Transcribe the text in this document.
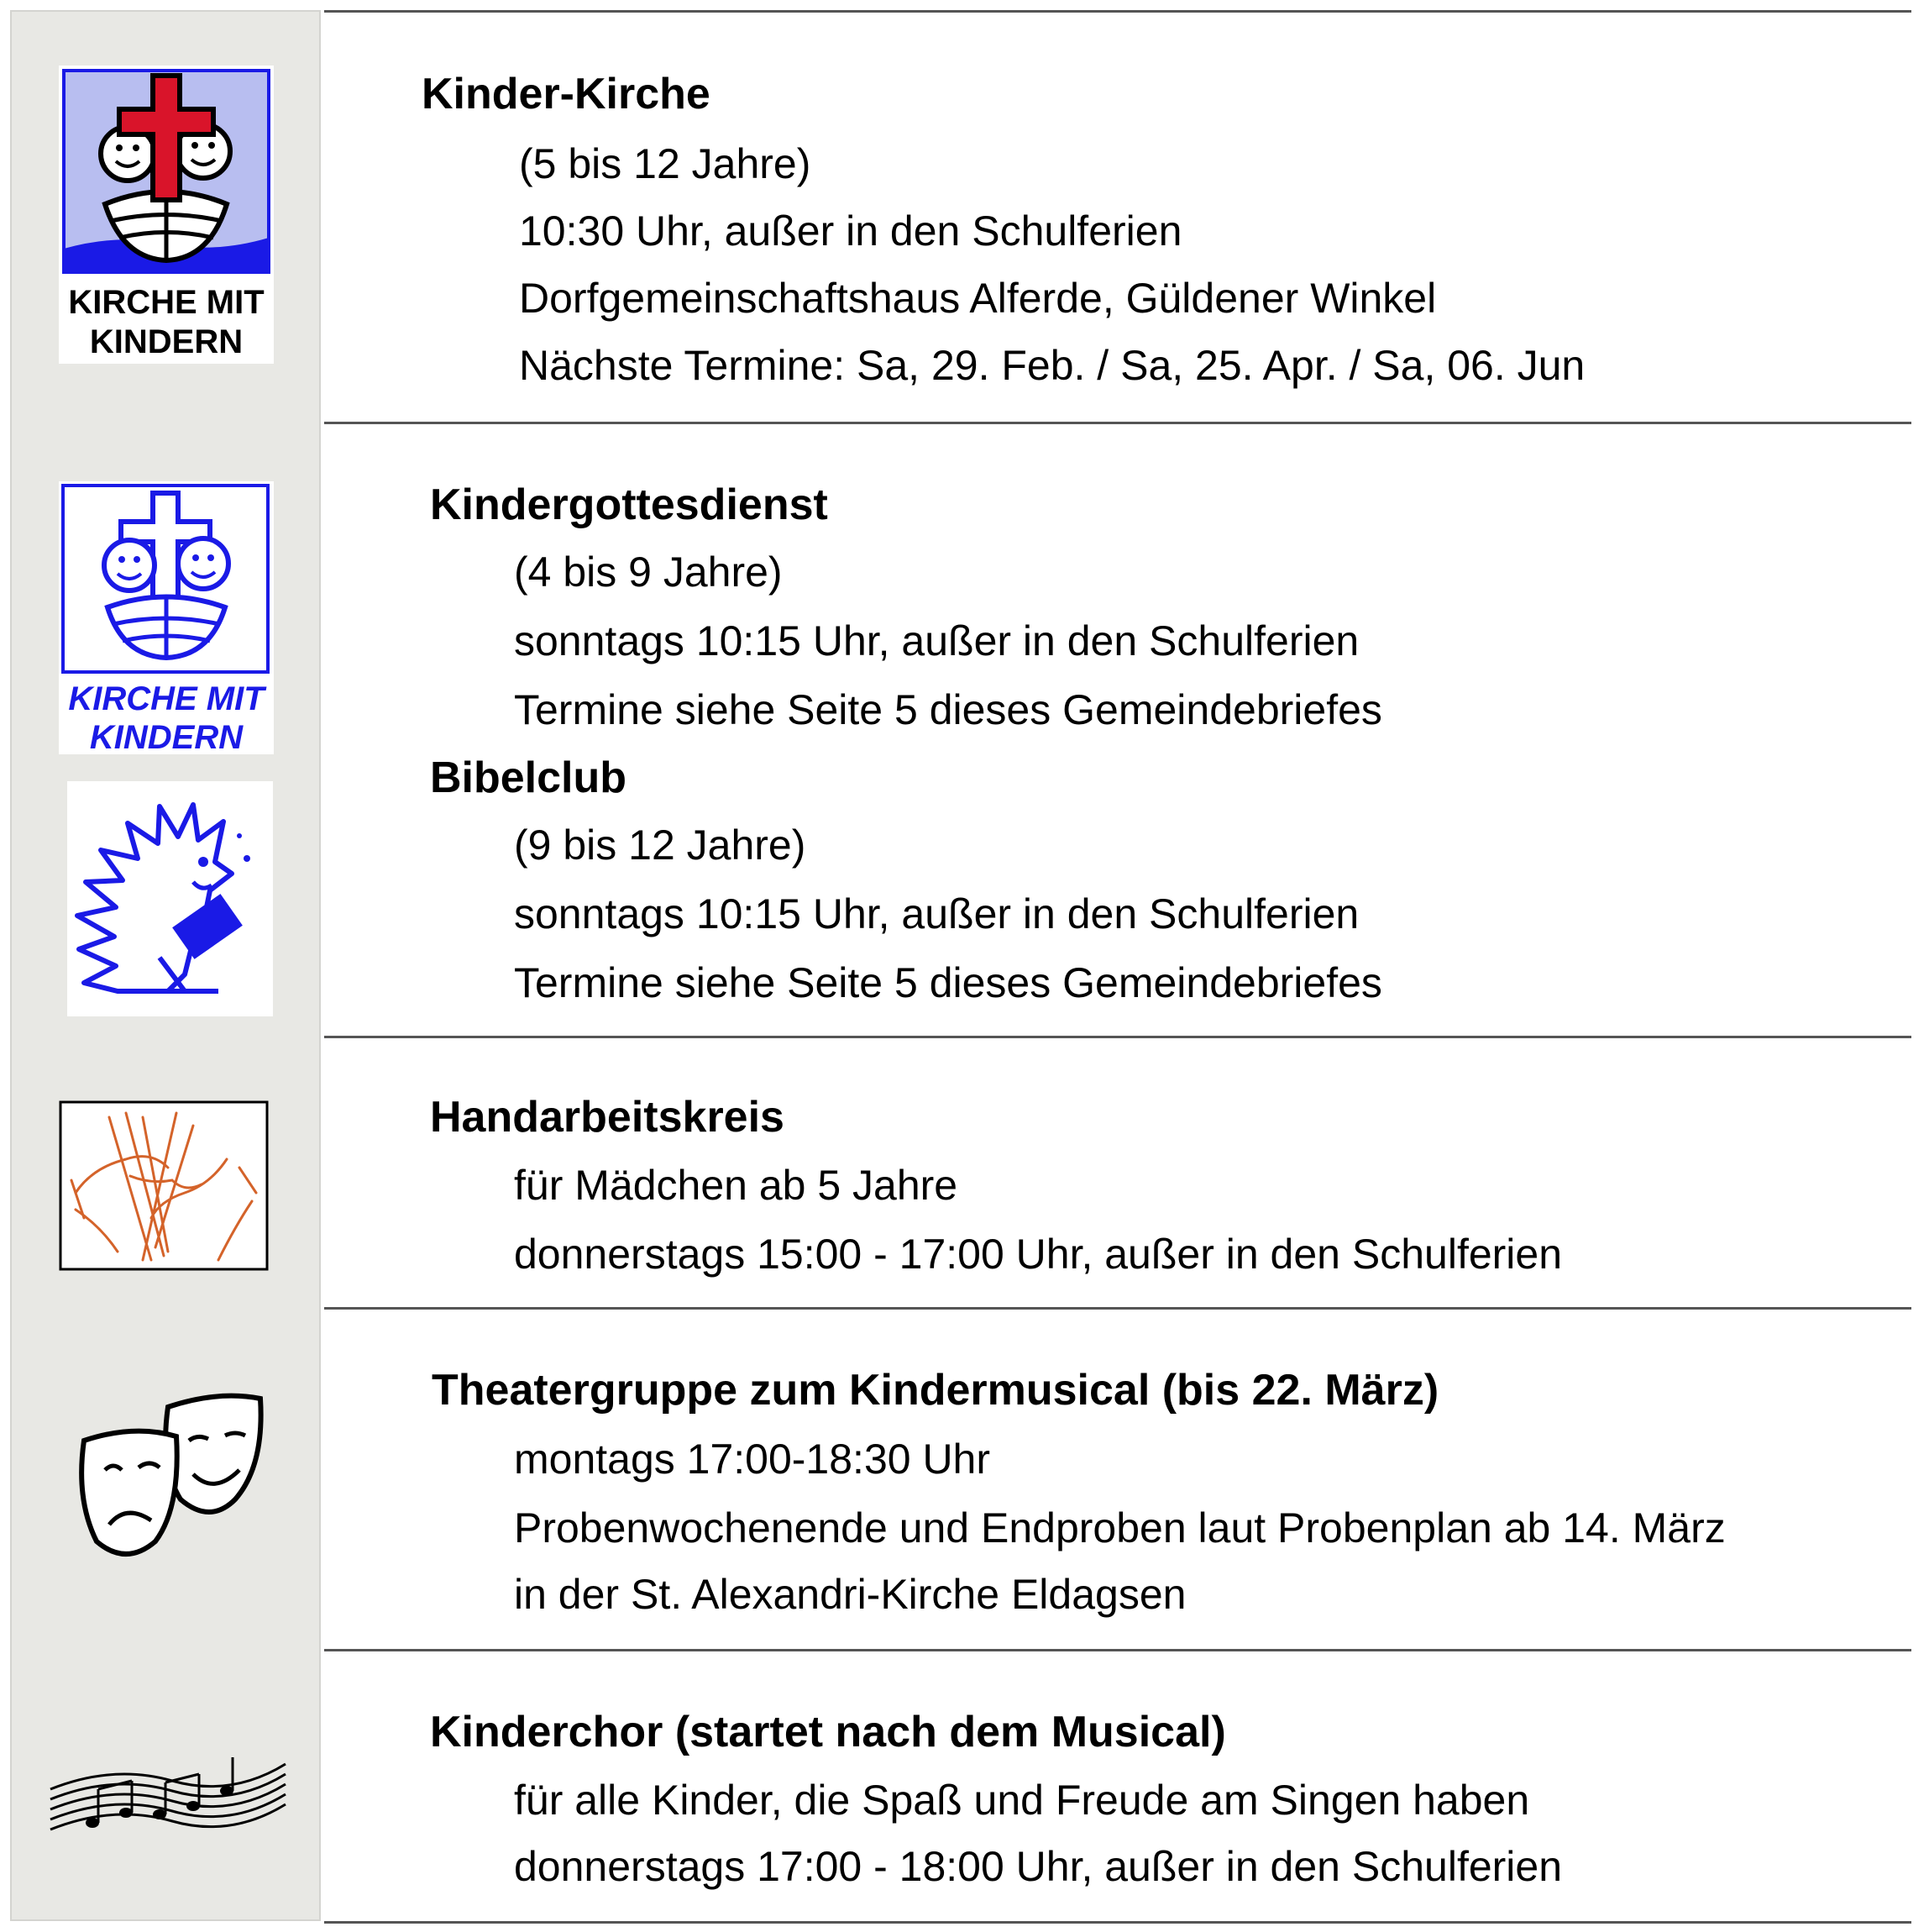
KIRCHE MIT
KINDERN
KIRCHE MIT
KINDERN
Kinder-Kirche
(5 bis 12 Jahre)
10:30 Uhr, außer in den Schulferien
Dorfgemeinschaftshaus Alferde, Güldener Winkel
Nächste Termine: Sa, 29. Feb. / Sa, 25. Apr. / Sa, 06. Jun
Kindergottesdienst
(4 bis 9 Jahre)
sonntags 10:15 Uhr, außer in den Schulferien
Termine siehe Seite 5 dieses Gemeindebriefes
Bibelclub
(9 bis 12 Jahre)
sonntags 10:15 Uhr, außer in den Schulferien
Termine siehe Seite 5 dieses Gemeindebriefes
Handarbeitskreis
für Mädchen ab 5 Jahre
donnerstags 15:00 - 17:00 Uhr, außer in den Schulferien
Theatergruppe zum Kindermusical (bis 22. März)
montags 17:00-18:30 Uhr
Probenwochenende und Endproben laut Probenplan ab 14. März
in der St. Alexandri-Kirche Eldagsen
Kinderchor (startet nach dem Musical)
für alle Kinder, die Spaß und Freude am Singen haben
donnerstags 17:00 - 18:00 Uhr, außer in den Schulferien
